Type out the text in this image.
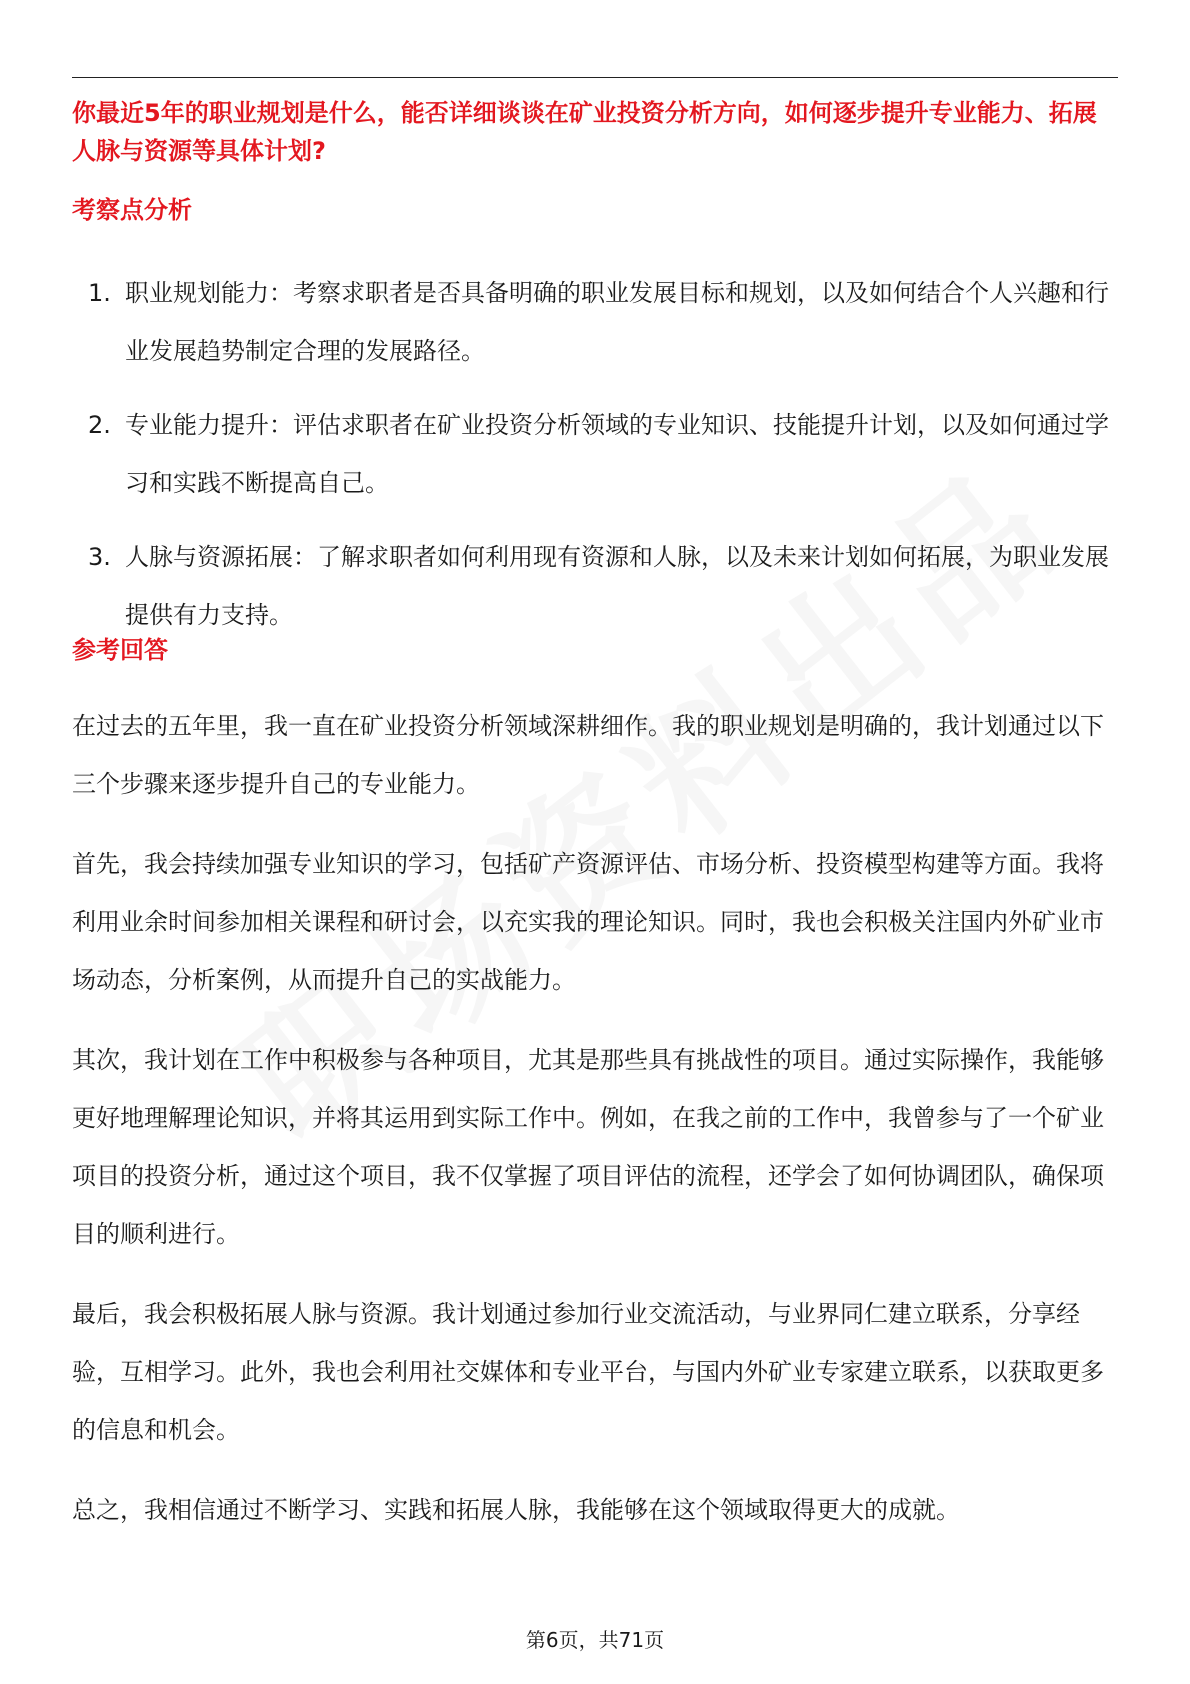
你最近5年的职业规划是什么，能否详细谈谈在矿业投资分析方向，如何逐步提升专业能力、拓展人脉与资源等具体计划?
考察点分析
1. 职业规划能力：考察求职者是否具备明确的职业发展目标和规划，以及如何结合个人兴趣和行业发展趋势制定合理的发展路径。
2. 专业能力提升：评估求职者在矿业投资分析领域的专业知识、技能提升计划，以及如何通过学习和实践不断提高自己。
3. 人脉与资源拓展：了解求职者如何利用现有资源和人脉，以及未来计划如何拓展，为职业发展提供有力支持。
参考回答

在过去的五年里，我一直在矿业投资分析领域深耕细作。我的职业规划是明确的，我计划通过以下三个步骤来逐步提升自己的专业能力。

首先，我会持续加强专业知识的学习，包括矿产资源评估、市场分析、投资模型构建等方面。我将利用业余时间参加相关课程和研讨会，以充实我的理论知识。同时，我也会积极关注国内外矿业市场动态，分析案例，从而提升自己的实战能力。

其次，我计划在工作中积极参与各种项目，尤其是那些具有挑战性的项目。通过实际操作，我能够更好地理解理论知识，并将其运用到实际工作中。例如，在我之前的工作中，我曾参与了一个矿业项目的投资分析，通过这个项目，我不仅掌握了项目评估的流程，还学会了如何协调团队，确保项目的顺利进行。

最后，我会积极拓展人脉与资源。我计划通过参加行业交流活动，与业界同仁建立联系，分享经验，互相学习。此外，我也会利用社交媒体和专业平台，与国内外矿业专家建立联系，以获取更多的信息和机会。

总之，我相信通过不断学习、实践和拓展人脉，我能够在这个领域取得更大的成就。

第6页，共71页
